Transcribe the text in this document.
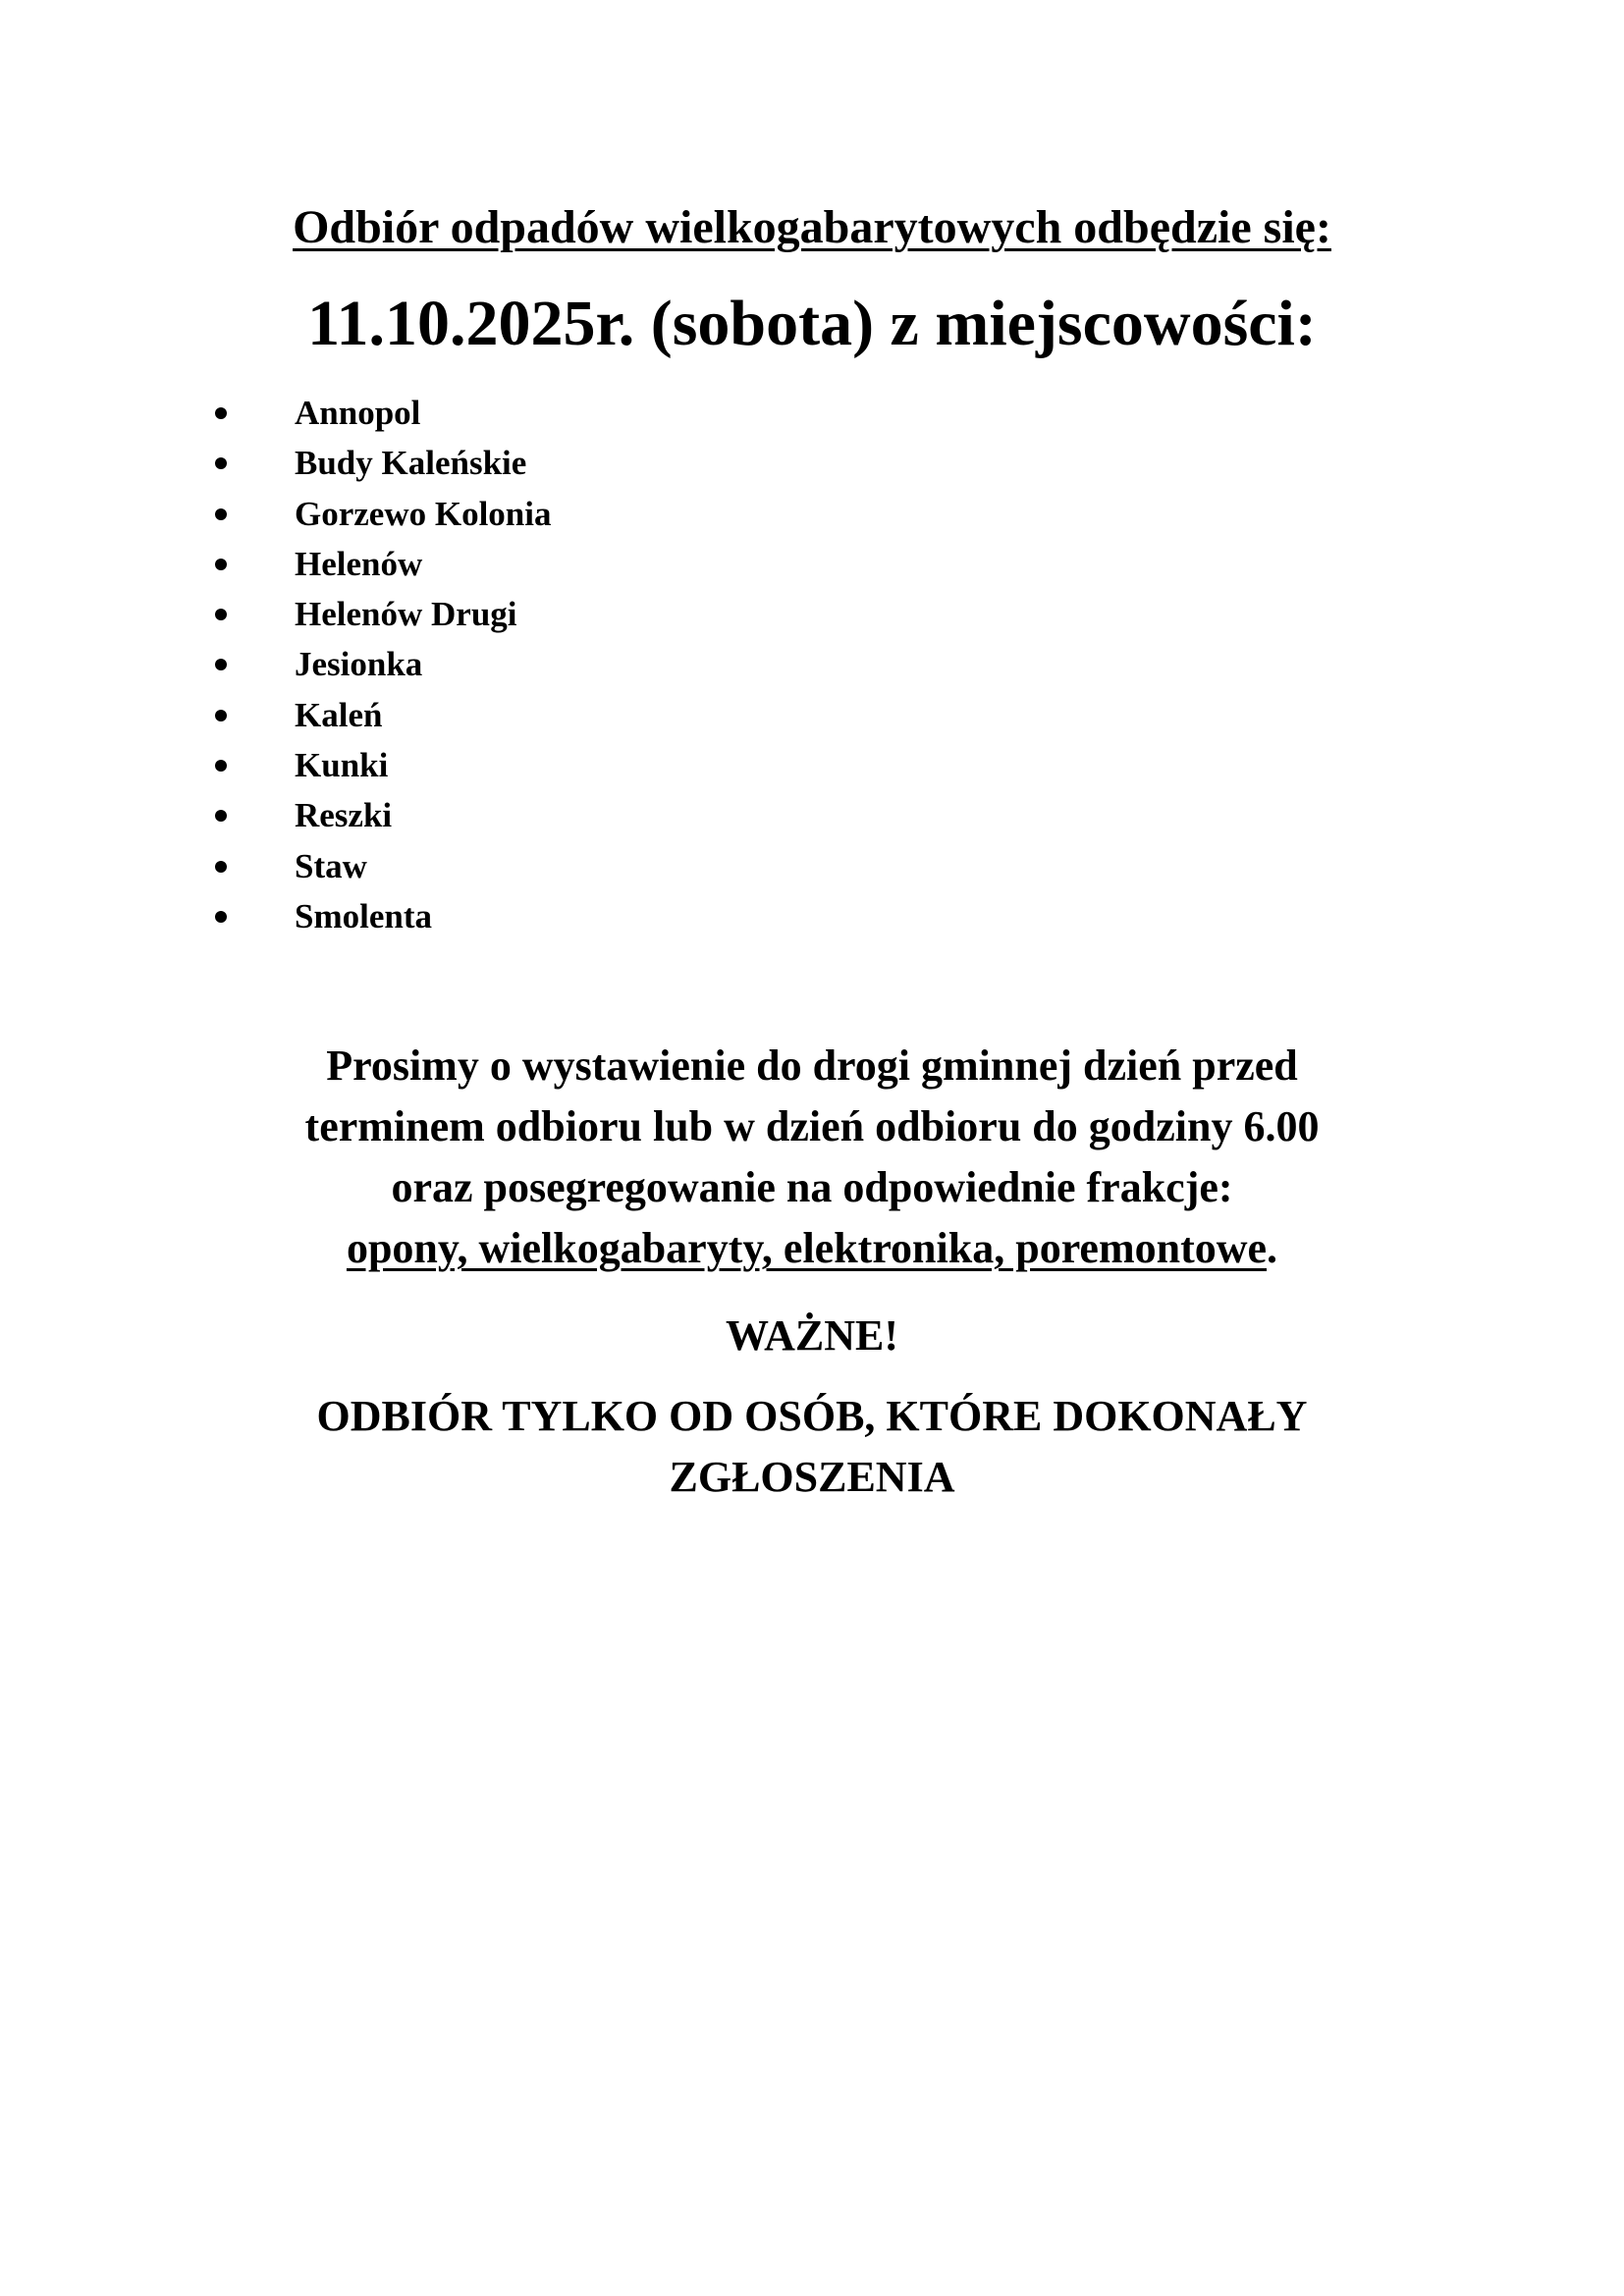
Odbiór odpadów wielkogabarytowych odbędzie się:
11.10.2025r. (sobota) z miejscowości:
Annopol
Budy Kaleńskie
Gorzewo Kolonia
Helenów
Helenów Drugi
Jesionka
Kaleń
Kunki
Reszki
Staw
Smolenta

Prosimy o wystawienie do drogi gminnej dzień przed

terminem odbioru lub w dzień odbioru do godziny 6.00

oraz posegregowanie na odpowiednie frakcje:

opony, wielkogabaryty, elektronika, poremontowe.

WAŻNE!

ODBIÓR TYLKO OD OSÓB, KTÓRE DOKONAŁY

ZGŁOSZENIA
